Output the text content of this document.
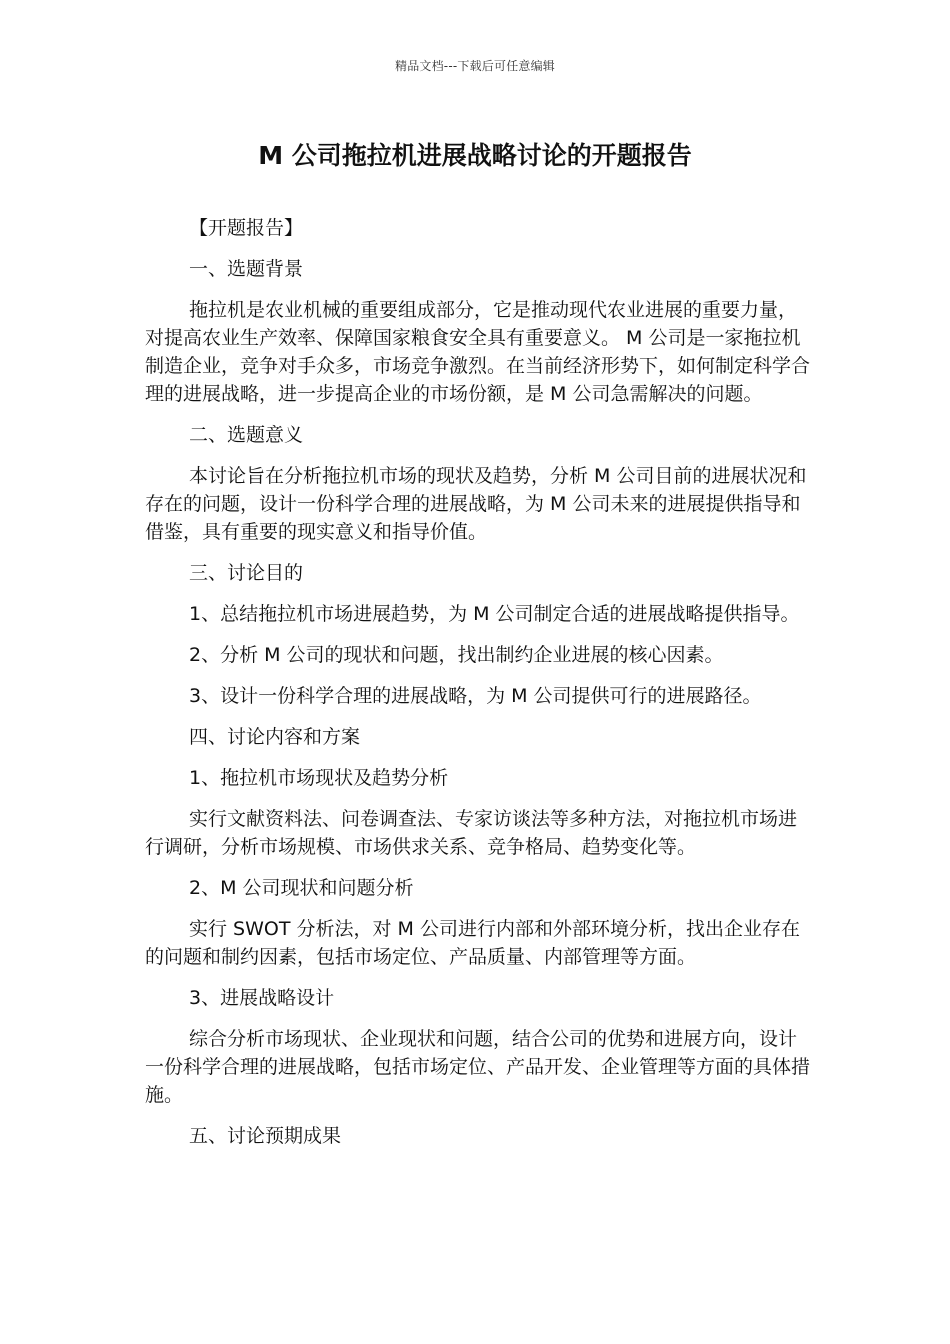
精品文档---下载后可任意编辑
M 公司拖拉机进展战略讨论的开题报告

【开题报告】

一、选题背景

拖拉机是农业机械的重要组成部分，它是推动现代农业进展的重要力量，对提高农业生产效率、保障国家粮食安全具有重要意义。 M 公司是一家拖拉机制造企业，竞争对手众多，市场竞争激烈。在当前经济形势下，如何制定科学合理的进展战略，进一步提高企业的市场份额，是 M 公司急需解决的问题。

二、选题意义

本讨论旨在分析拖拉机市场的现状及趋势，分析 M 公司目前的进展状况和存在的问题，设计一份科学合理的进展战略，为 M 公司未来的进展提供指导和借鉴，具有重要的现实意义和指导价值。

三、讨论目的

1、总结拖拉机市场进展趋势，为 M 公司制定合适的进展战略提供指导。

2、分析 M 公司的现状和问题，找出制约企业进展的核心因素。

3、设计一份科学合理的进展战略，为 M 公司提供可行的进展路径。

四、讨论内容和方案

1、拖拉机市场现状及趋势分析

实行文献资料法、问卷调查法、专家访谈法等多种方法，对拖拉机市场进行调研，分析市场规模、市场供求关系、竞争格局、趋势变化等。

2、M 公司现状和问题分析

实行 SWOT 分析法，对 M 公司进行内部和外部环境分析，找出企业存在的问题和制约因素，包括市场定位、产品质量、内部管理等方面。

3、进展战略设计

综合分析市场现状、企业现状和问题，结合公司的优势和进展方向，设计一份科学合理的进展战略，包括市场定位、产品开发、企业管理等方面的具体措施。

五、讨论预期成果
